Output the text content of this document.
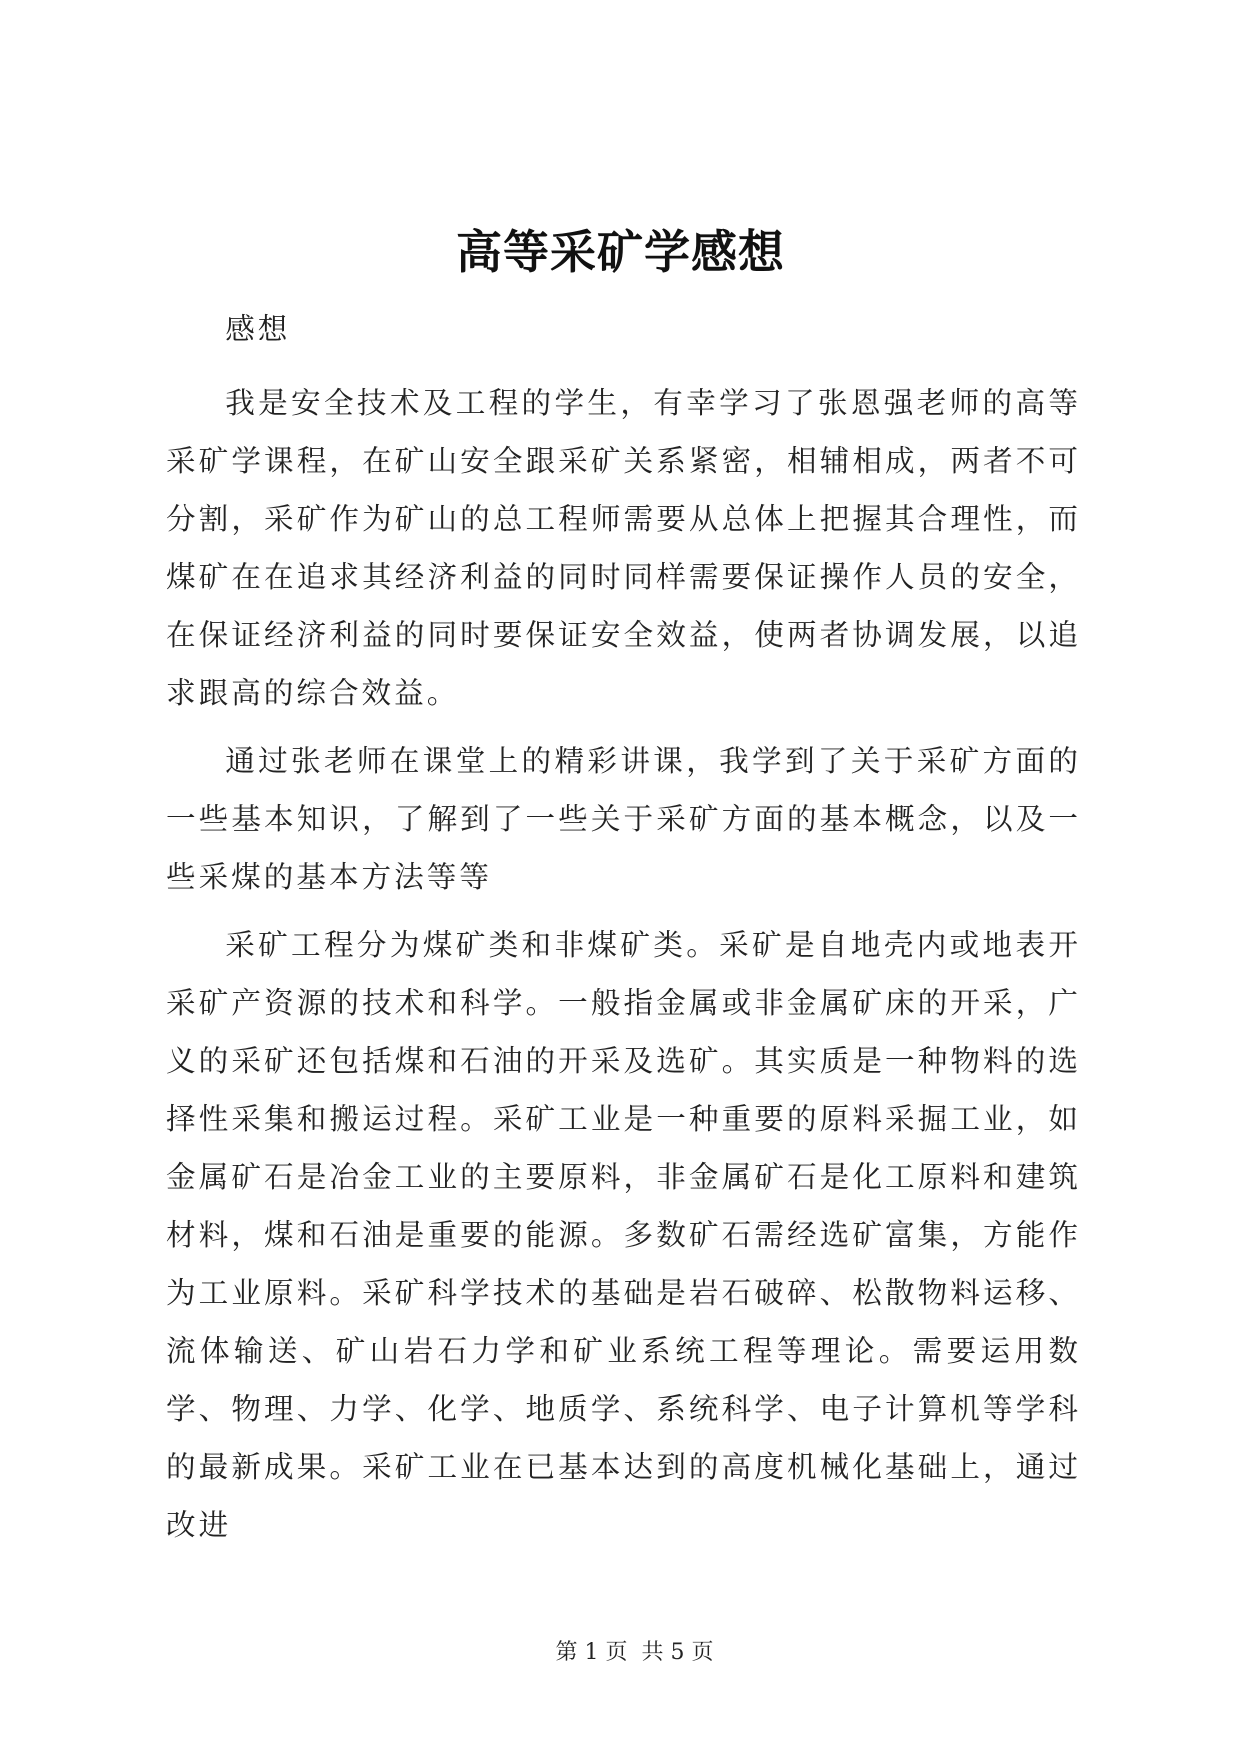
高等采矿学感想

感想

我是安全技术及工程的学生，有幸学习了张恩强老师的高等采矿学课程，在矿山安全跟采矿关系紧密，相辅相成，两者不可分割，采矿作为矿山的总工程师需要从总体上把握其合理性，而煤矿在在追求其经济利益的同时同样需要保证操作人员的安全，在保证经济利益的同时要保证安全效益，使两者协调发展，以追求跟高的综合效益。

通过张老师在课堂上的精彩讲课，我学到了关于采矿方面的一些基本知识，了解到了一些关于采矿方面的基本概念，以及一些采煤的基本方法等等

采矿工程分为煤矿类和非煤矿类。采矿是自地壳内或地表开采矿产资源的技术和科学。一般指金属或非金属矿床的开采，广义的采矿还包括煤和石油的开采及选矿。其实质是一种物料的选择性采集和搬运过程。采矿工业是一种重要的原料采掘工业，如金属矿石是冶金工业的主要原料，非金属矿石是化工原料和建筑材料，煤和石油是重要的能源。多数矿石需经选矿富集，方能作为工业原料。采矿科学技术的基础是岩石破碎、松散物料运移、流体输送、矿山岩石力学和矿业系统工程等理论。需要运用数学、物理、力学、化学、地质学、系统科学、电子计算机等学科的最新成果。采矿工业在已基本达到的高度机械化基础上，通过改进

第 1 页  共 5 页
